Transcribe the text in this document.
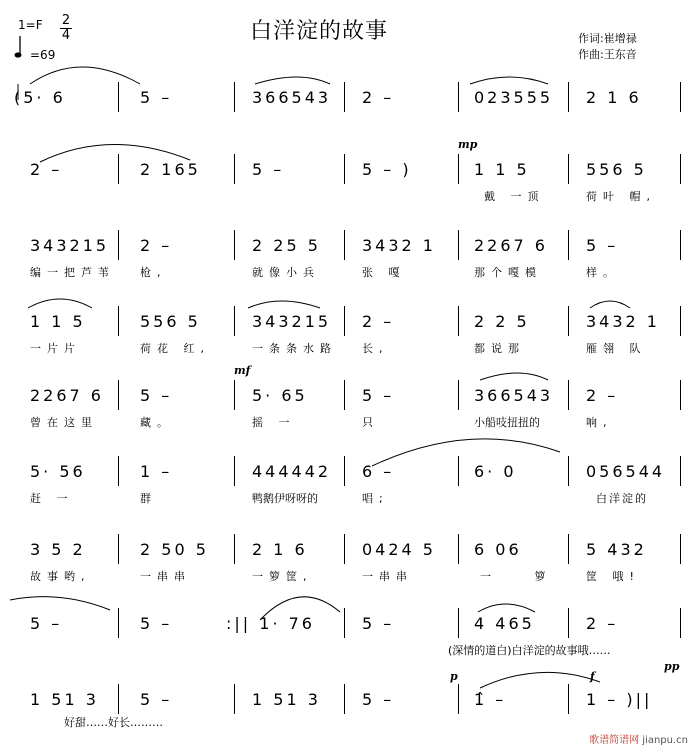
白洋淀的故事	作词:崔增禄
作曲:王东音
$1=F \frac{2}{4}$
=69
(5· 6	5 –	366543 2 –	023555 2 1 6
2 –	2 165	5 –	5 – )	1 1 5
戴 一顶
556 5
荷叶 帽,
mp
343215
编一把芦苇
2 –
枪,
2 25 5
就像小兵
3432 1
张 嘎
2267 6
那个嘎模
5 –
样。
1 1 5
一片片
556 5
荷花 红,
343215
一条条水路
2 –
长,
2 2 5
都说那
3432 1
雁翎 队
2267 6
曾在这里
5 –
藏。
5· 65
摇 一
5 –
只
366543
小船吱扭扭的
2 –
响,
mf
5· 56
赶 一
1 –
群
444442
鸭鹅伊呀呀的
6 –
唱;
6· 0	056544
白洋淀的
3 5 2
故事哟,
2 50 5
一串串
2 1 6
一箩筐,
0424 5
一串串
6 06
一 箩
5 432
筐 哦!
5 –	5 –	:|| 1· 76	5 –	4 465
(深情的道白)白洋淀的故事哦……
2 –
1 51 3
好甜……好长………
5 –	1 51 3	5 –	1̂ –	1 – )||
p	f
pp
歌谱简谱网 jianpu.cn
